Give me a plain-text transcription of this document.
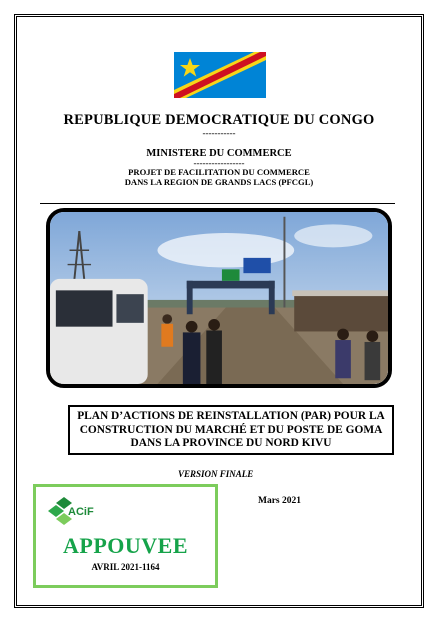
REPUBLIQUE DEMOCRATIQUE DU CONGO
-----------
MINISTERE DU COMMERCE
-----------------
PROJET DE FACILITATION DU COMMERCE
DANS LA REGION DE GRANDS LACS (PFCGL)
PLAN D’ACTIONS DE REINSTALLATION (PAR) POUR LA
CONSTRUCTION DU MARCHÉ ET DU POSTE DE GOMA
DANS LA PROVINCE DU NORD KIVU
VERSION FINALE
Mars 2021
ACiF
APPOUVEE
AVRIL 2021-1164
